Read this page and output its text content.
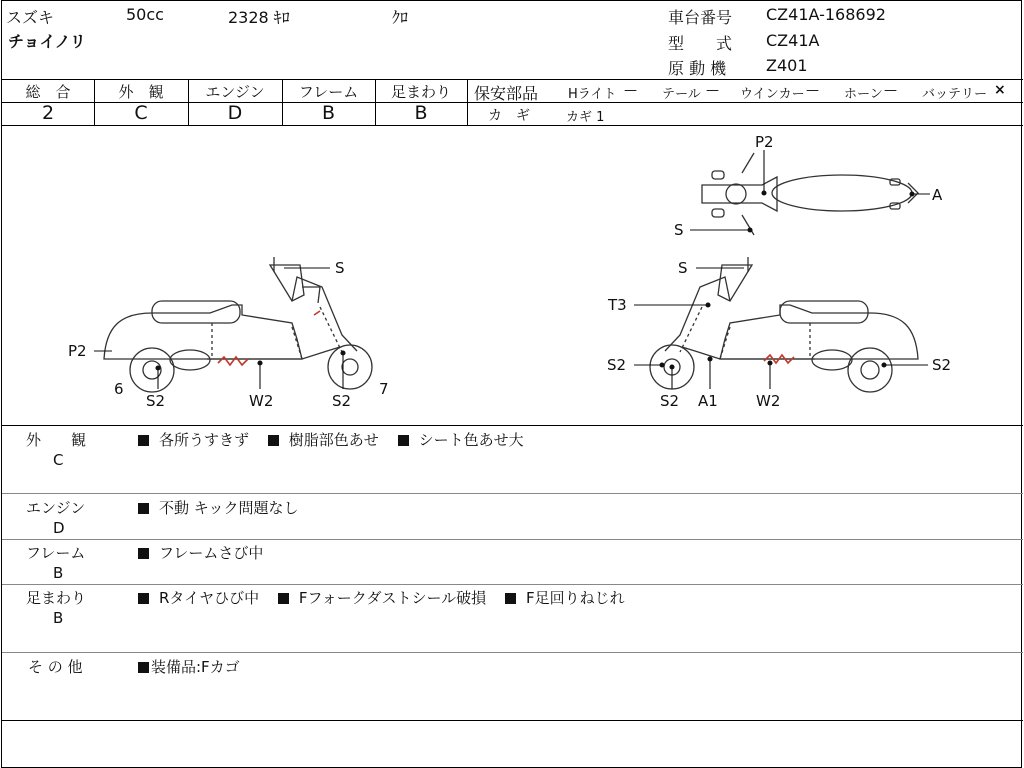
スズキ	50cc	2328 ｷﾛ	ｸﾛ
チョイノリ
車台番号 CZ41A-168692
型　　式 CZ41A
原 動 機 Z401
総　合	外　観	エンジン	フレーム	足まわり
2	C	D	B	B
保安部品 Hライト — テール — ウインカー — ホーン — バッテリー ×
カ　ギ	カギ 1
P2
A
S
S
P2
6
S2	W2	S2
7
S
T3
S2
S2 A1	W2
S2
外　　観
C
各所うすきず	樹脂部色あせ	シート色あせ大
エンジン
D
不動 キック問題なし
フレーム
B
フレームさび中
足まわり
B
Rタイヤひび中	Fフォークダストシール破損	F足回りねじれ
そ の 他	装備品:Fカゴ
